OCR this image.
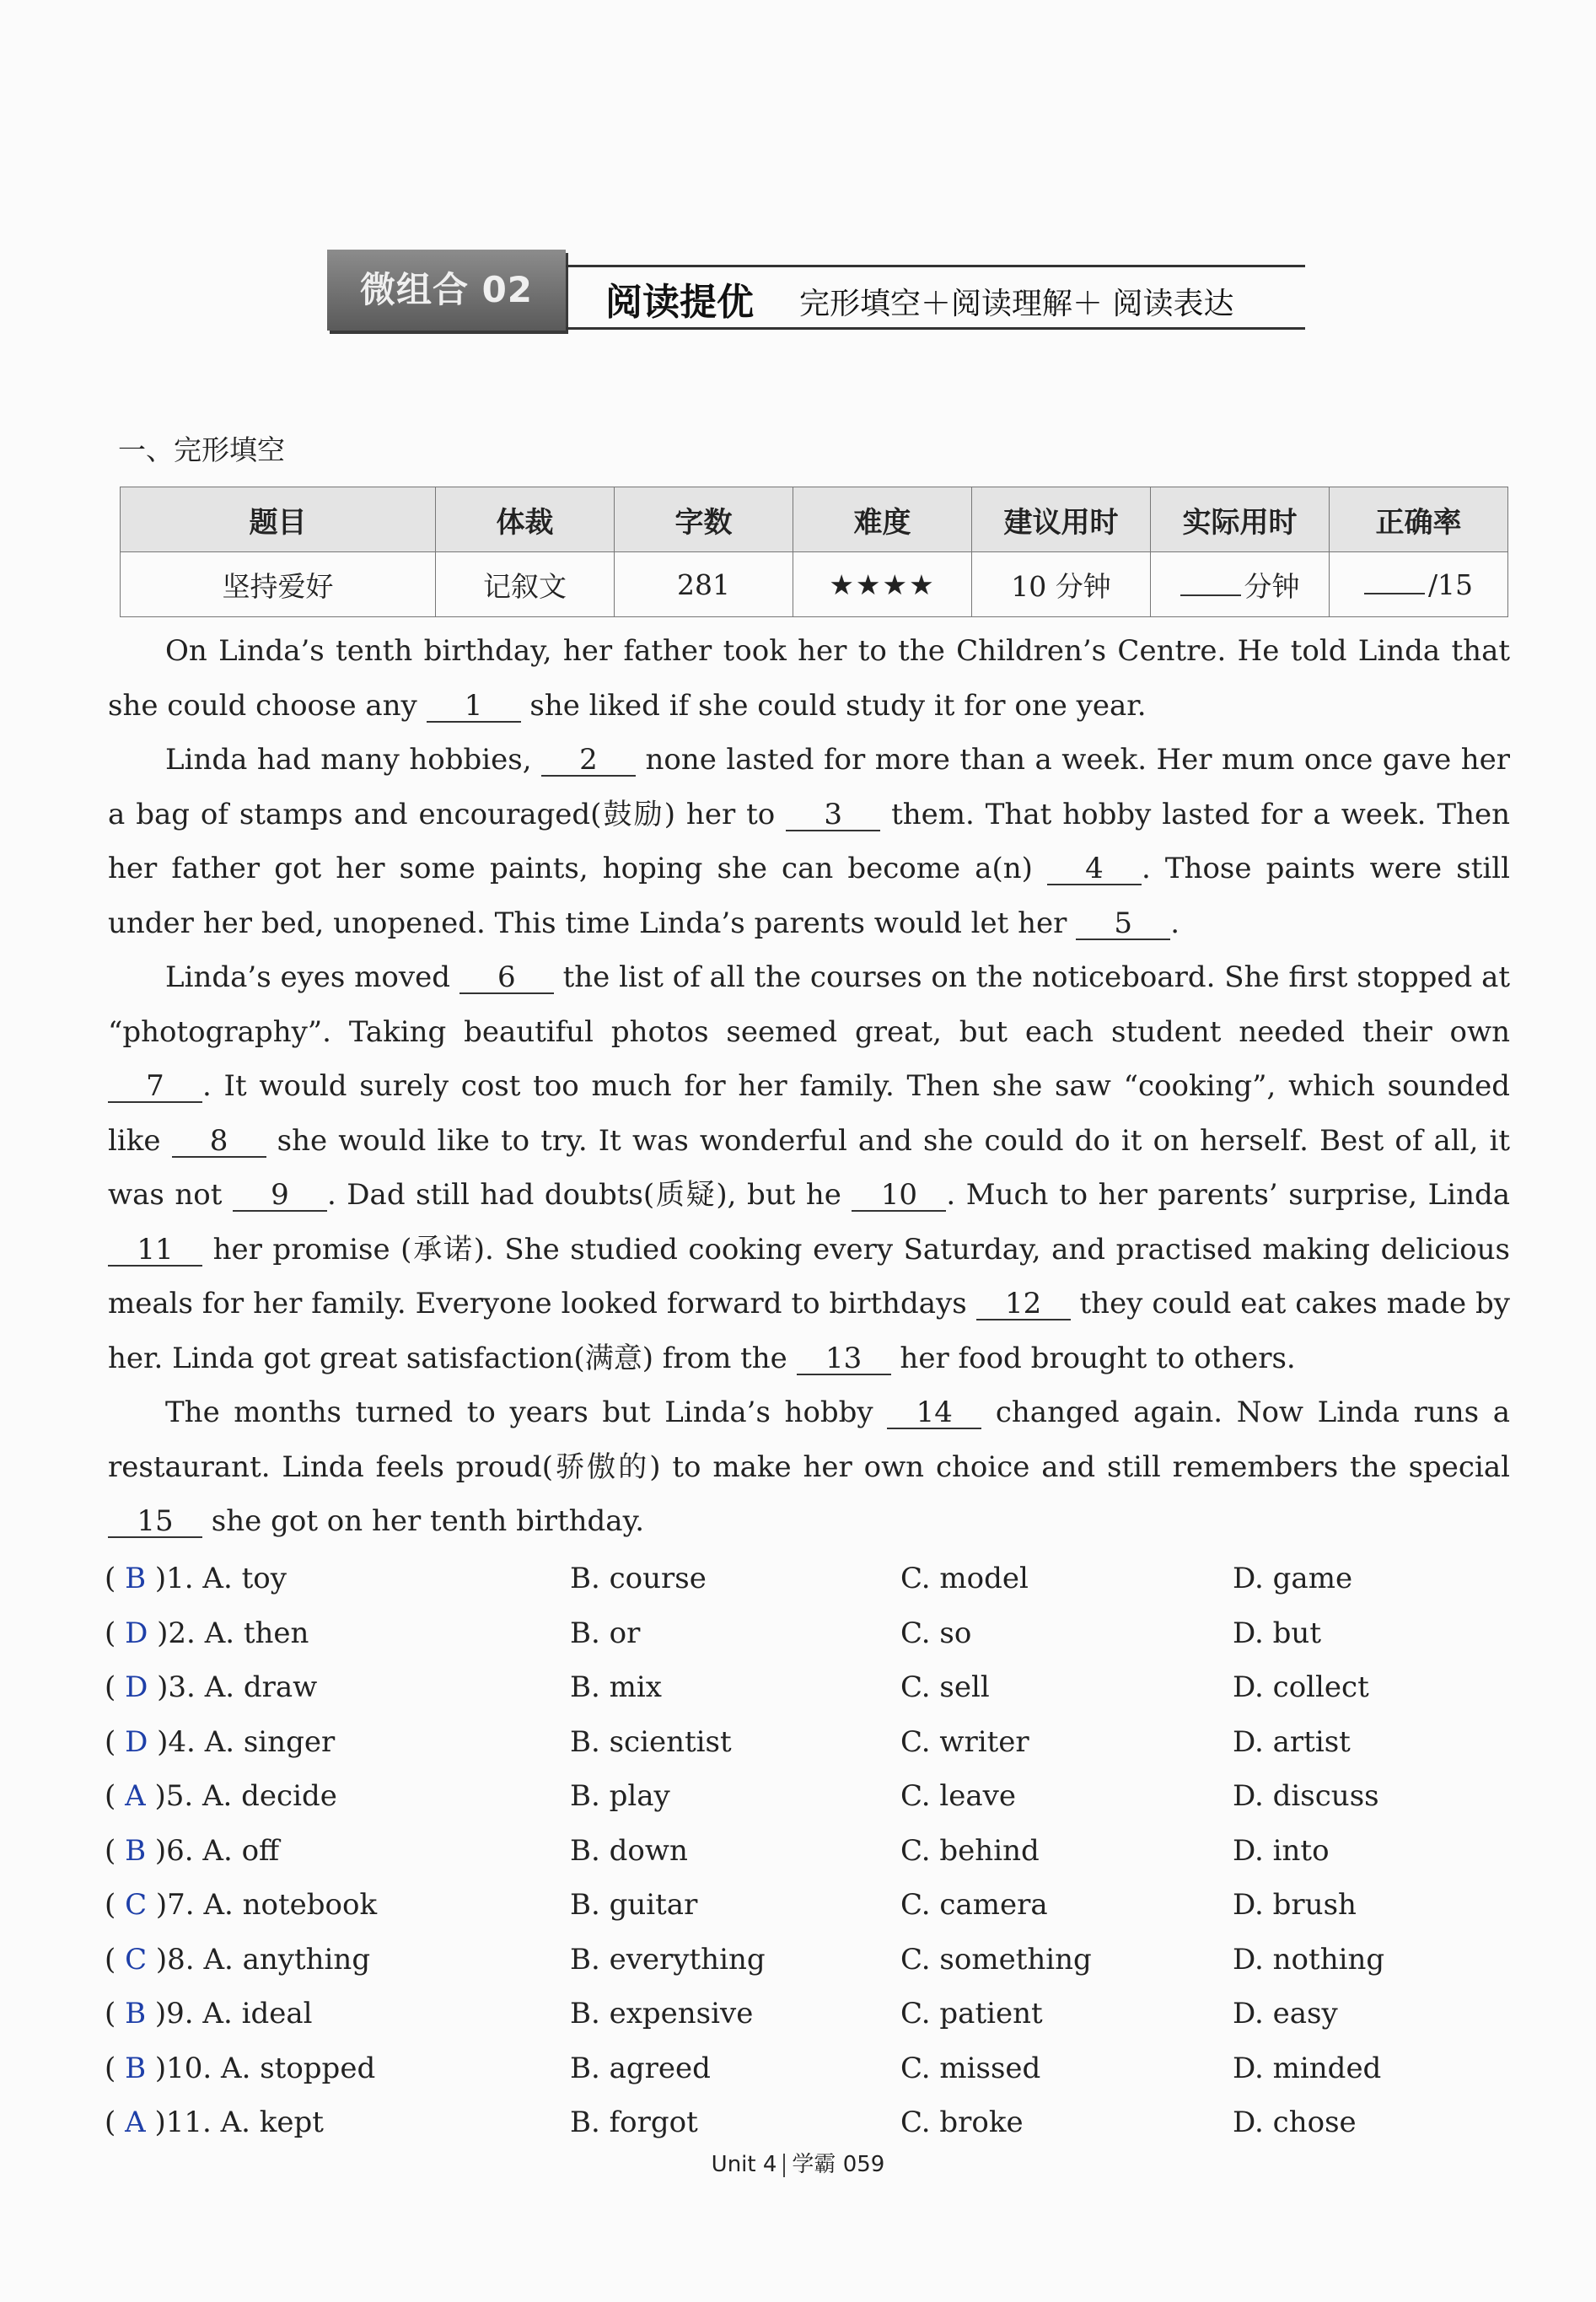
微组合 02	阅读提优 完形填空＋阅读理解＋ 阅读表达
一、完形填空
题目	体裁	字数	难度	建议用时	实际用时	正确率
坚持爱好	记叙文	281	★★★★	10 分钟	分钟	/15

On Linda’s tenth birthday, her father took her to the Children’s Centre. He told Linda that she could choose any 1 she liked if she could study it for one year.

Linda had many hobbies, 2 none lasted for more than a week. Her mum once gave her a bag of stamps and encouraged(鼓励) her to 3 them. That hobby lasted for a week. Then her father got her some paints, hoping she can become a(n) 4 . Those paints were still under her bed, unopened. This time Linda’s parents would let her 5 .

Linda’s eyes moved 6 the list of all the courses on the noticeboard. She first stopped at “photography”. Taking beautiful photos seemed great, but each student needed their own 7 . It would surely cost too much for her family. Then she saw “cooking”, which sounded like 8 she would like to try. It was wonderful and she could do it on herself. Best of all, it was not 9 . Dad still had doubts(质疑), but he 10 . Much to her parents’ surprise, Linda 11 her promise (承诺). She studied cooking every Saturday, and practised making delicious meals for her family. Everyone looked forward to birthdays 12 they could eat cakes made by her. Linda got great satisfaction(满意) from the 13 her food brought to others.

The months turned to years but Linda’s hobby 14 changed again. Now Linda runs a restaurant. Linda feels proud(骄傲的) to make her own choice and still remembers the special 15 she got on her tenth birthday.

( B )1. A. toy	B. course	C. model	D. game
( D )2. A. then	B. or	C. so	D. but
( D )3. A. draw	B. mix	C. sell	D. collect
( D )4. A. singer	B. scientist	C. writer	D. artist
( A )5. A. decide	B. play	C. leave	D. discuss
( B )6. A. off	B. down	C. behind	D. into
( C )7. A. notebook	B. guitar	C. camera	D. brush
( C )8. A. anything	B. everything	C. something	D. nothing
( B )9. A. ideal	B. expensive	C. patient	D. easy
( B )10. A. stopped	B. agreed	C. missed	D. minded
( A )11. A. kept	B. forgot	C. broke	D. chose
Unit 4 学霸 059
